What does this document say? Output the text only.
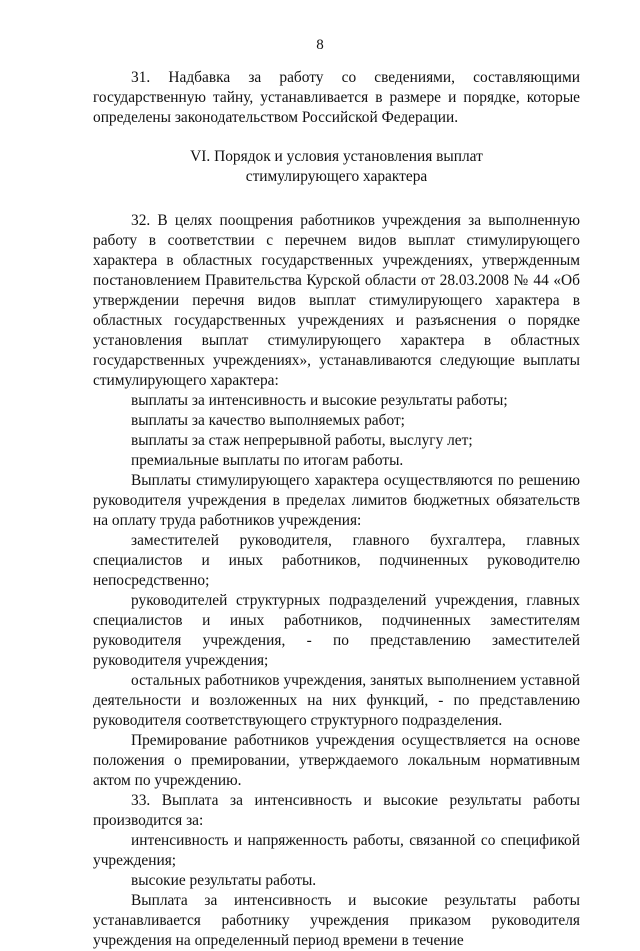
8

31. Надбавка за работу со сведениями, составляющими государственную тайну, устанавливается в размере и порядке, которые определены законодательством Российской Федерации.

VI. Порядок и условия установления выплат
стимулирующего характера

32. В целях поощрения работников учреждения за выполненную работу в соответствии с перечнем видов выплат стимулирующего характера в областных государственных учреждениях, утвержденным постановлением Правительства Курской области от 28.03.2008 № 44 «Об утверждении перечня видов выплат стимулирующего характера в областных государственных учреждениях и разъяснения о порядке установления выплат стимулирующего характера в областных государственных учреждениях», устанавливаются следующие выплаты стимулирующего характера:

выплаты за интенсивность и высокие результаты работы;

выплаты за качество выполняемых работ;

выплаты за стаж непрерывной работы, выслугу лет;

премиальные выплаты по итогам работы.

Выплаты стимулирующего характера осуществляются по решению руководителя учреждения в пределах лимитов бюджетных обязательств на оплату труда работников учреждения:

заместителей руководителя, главного бухгалтера, главных специалистов и иных работников, подчиненных руководителю непосредственно;

руководителей структурных подразделений учреждения, главных специалистов и иных работников, подчиненных заместителям руководителя учреждения, - по представлению заместителей руководителя учреждения;

остальных работников учреждения, занятых выполнением уставной деятельности и возложенных на них функций, - по представлению руководителя соответствующего структурного подразделения.

Премирование работников учреждения осуществляется на основе положения о премировании, утверждаемого локальным нормативным актом по учреждению.

33. Выплата за интенсивность и высокие результаты работы производится за:

интенсивность и напряженность работы, связанной со спецификой учреждения;

высокие результаты работы.

Выплата за интенсивность и высокие результаты работы устанавливается работнику учреждения приказом руководителя учреждения на определенный период времени в течение
